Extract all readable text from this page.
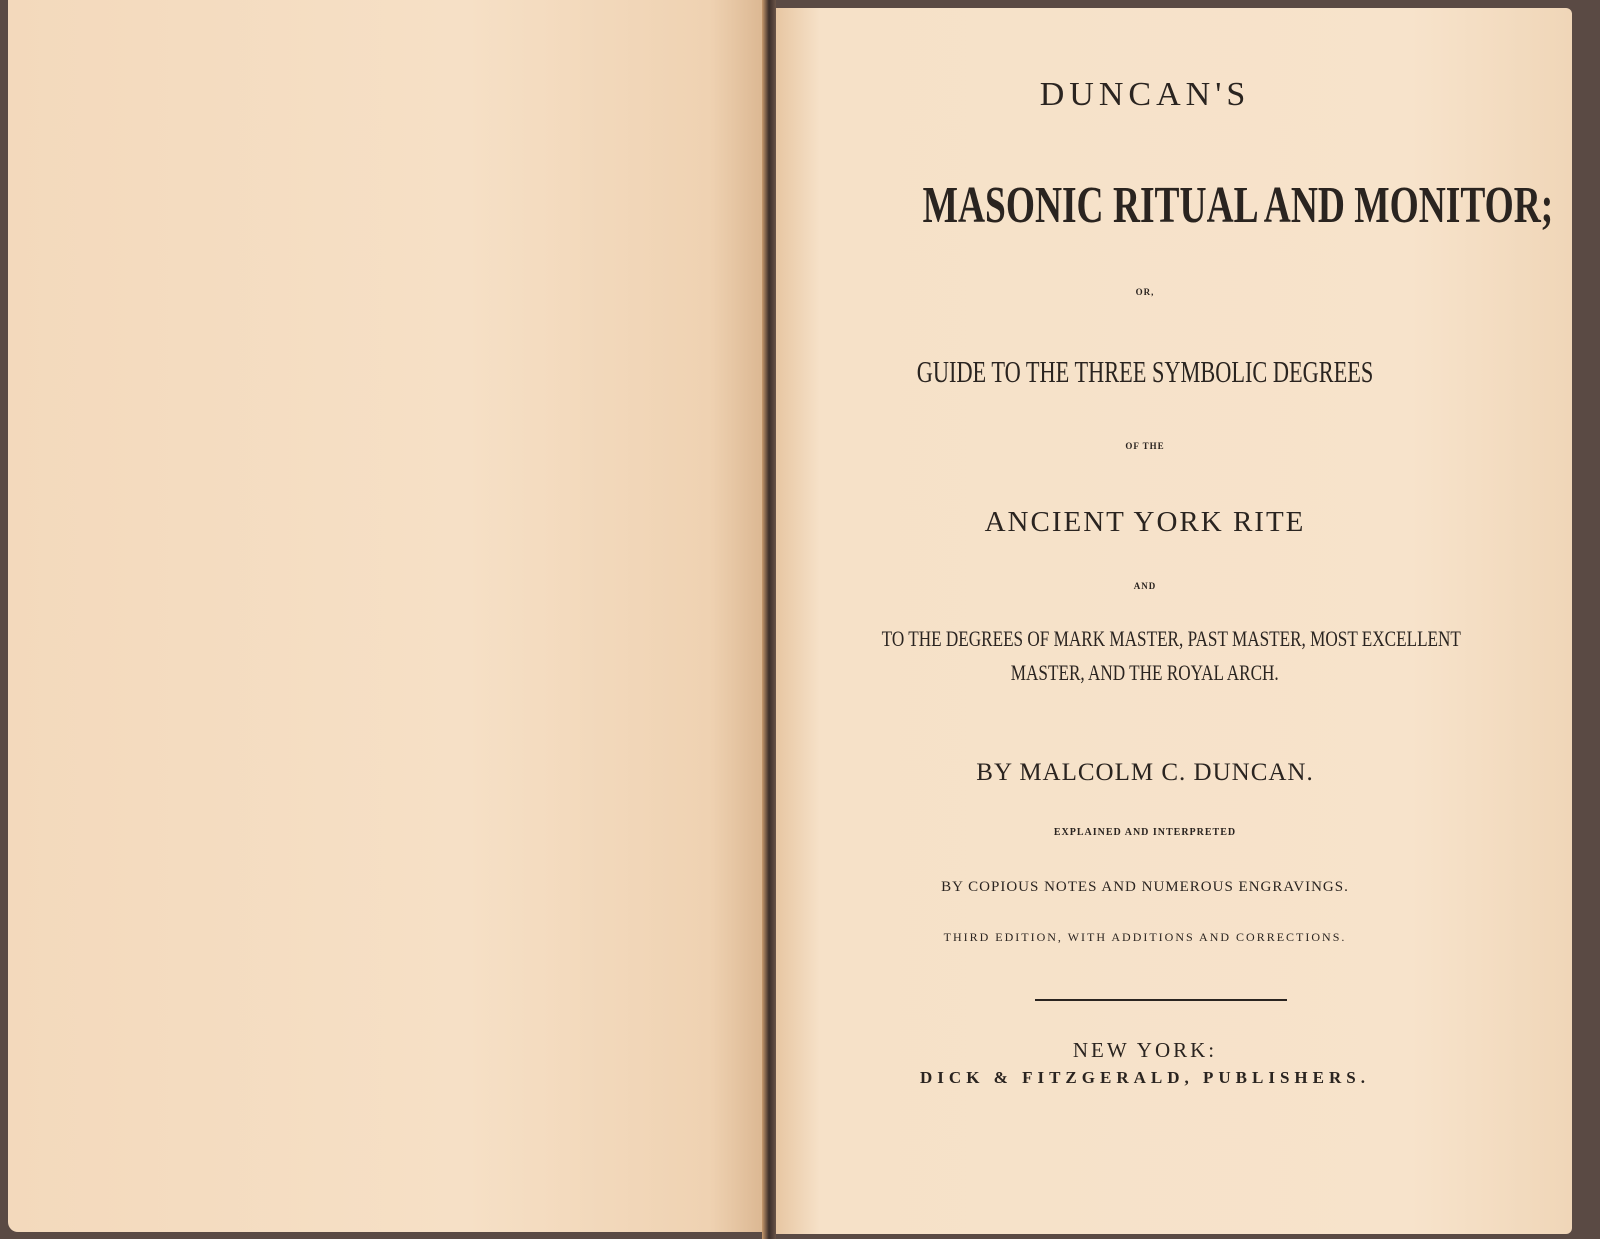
DUNCAN'S
MASONIC RITUAL AND MONITOR;
OR,
GUIDE TO THE THREE SYMBOLIC DEGREES
OF THE
ANCIENT YORK RITE
AND
TO THE DEGREES OF MARK MASTER, PAST MASTER, MOST EXCELLENT
MASTER, AND THE ROYAL ARCH.
BY MALCOLM C. DUNCAN.
EXPLAINED AND INTERPRETED
BY COPIOUS NOTES AND NUMEROUS ENGRAVINGS.
THIRD EDITION, WITH ADDITIONS AND CORRECTIONS.
NEW YORK:
DICK & FITZGERALD, PUBLISHERS.
